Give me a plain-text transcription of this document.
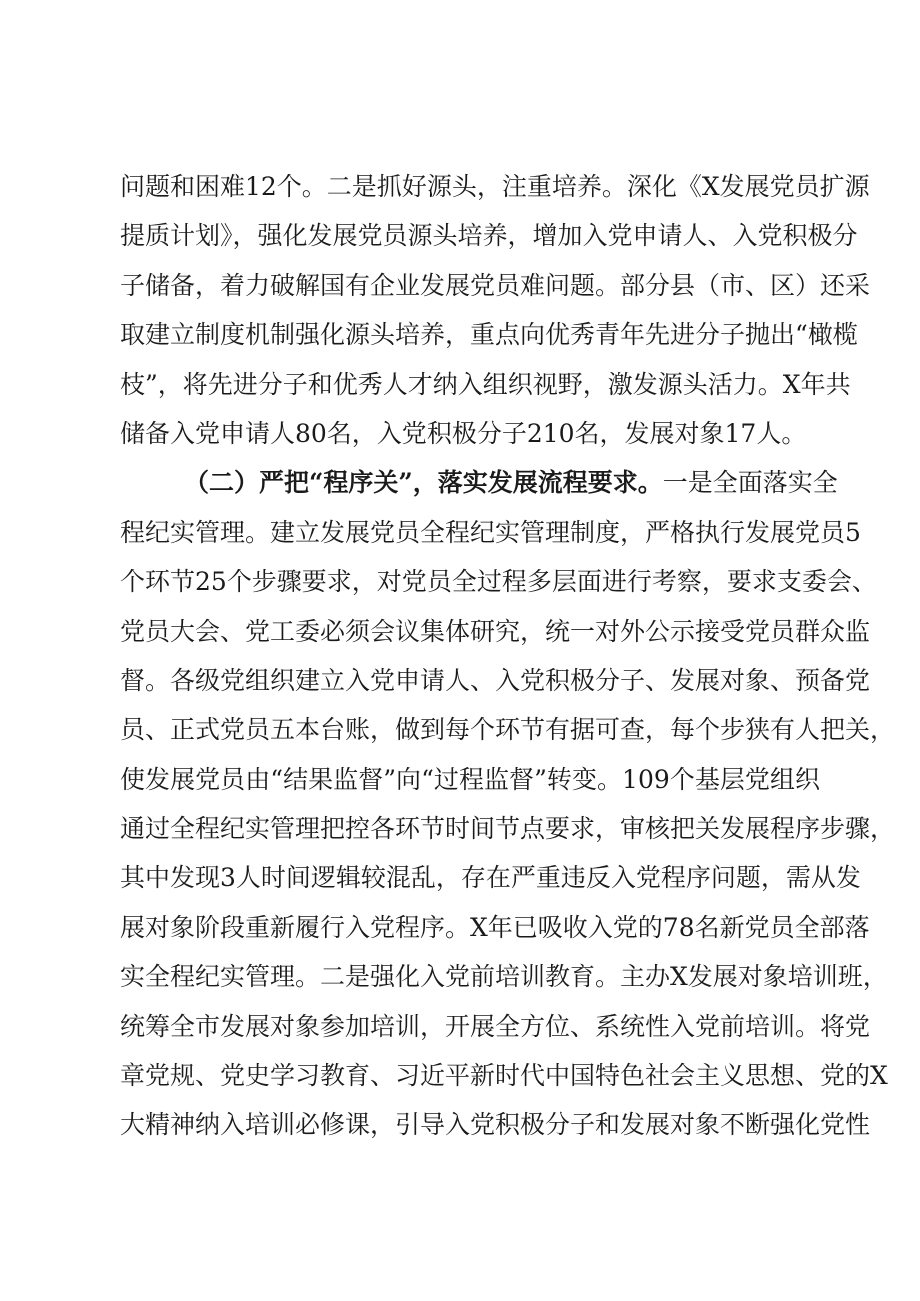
问题和困难12个。二是抓好源头，注重培养。深化《X发展党员扩源
提质计划》，强化发展党员源头培养，增加入党申请人、入党积极分
子储备，着力破解国有企业发展党员难问题。部分县（市、区）还采
取建立制度机制强化源头培养，重点向优秀青年先进分子抛出“橄榄
枝”，将先进分子和优秀人才纳入组织视野，激发源头活力。X年共
储备入党申请人80名，入党积极分子210名，发展对象17人。
（二）严把“程序关”，落实发展流程要求。一是全面落实全
程纪实管理。建立发展党员全程纪实管理制度，严格执行发展党员5
个环节25个步骤要求，对党员全过程多层面进行考察，要求支委会、
党员大会、党工委必须会议集体研究，统一对外公示接受党员群众监
督。各级党组织建立入党申请人、入党积极分子、发展对象、预备党
员、正式党员五本台账，做到每个环节有据可查，每个步狭有人把关，
使发展党员由“结果监督”向“过程监督”转变。109个基层党组织
通过全程纪实管理把控各环节时间节点要求，审核把关发展程序步骤，
其中发现3人时间逻辑较混乱，存在严重违反入党程序问题，需从发
展对象阶段重新履行入党程序。X年已吸收入党的78名新党员全部落
实全程纪实管理。二是强化入党前培训教育。主办X发展对象培训班，
统筹全市发展对象参加培训，开展全方位、系统性入党前培训。将党
章党规、党史学习教育、习近平新时代中国特色社会主义思想、党的X
大精神纳入培训必修课，引导入党积极分子和发展对象不断强化党性
